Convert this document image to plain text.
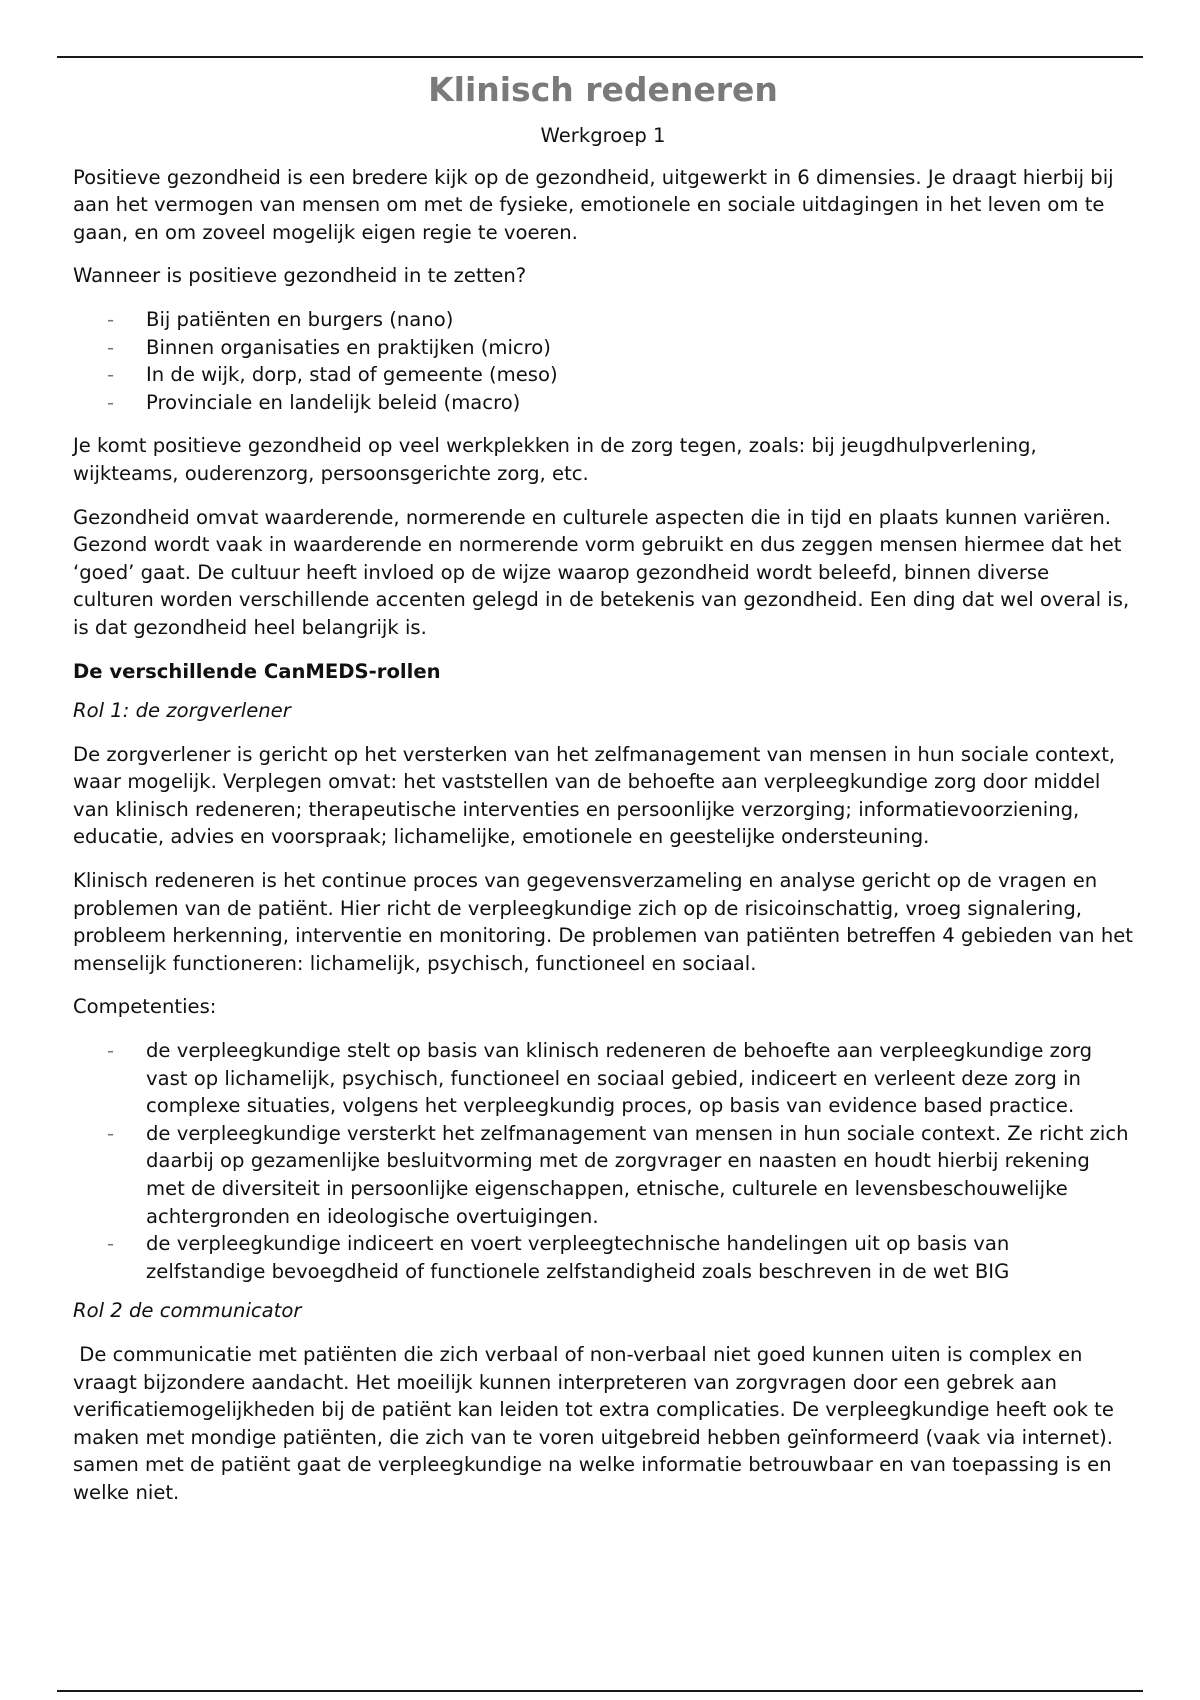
Klinisch redeneren
Werkgroep 1

Positieve gezondheid is een bredere kijk op de gezondheid, uitgewerkt in 6 dimensies. Je draagt hierbij bij aan het vermogen van mensen om met de fysieke, emotionele en sociale uitdagingen in het leven om te gaan, en om zoveel mogelijk eigen regie te voeren.

Wanneer is positieve gezondheid in te zetten?

- Bij patiënten en burgers (nano)
- Binnen organisaties en praktijken (micro)
- In de wijk, dorp, stad of gemeente (meso)
- Provinciale en landelijk beleid (macro)

Je komt positieve gezondheid op veel werkplekken in de zorg tegen, zoals: bij jeugdhulpverlening, wijkteams, ouderenzorg, persoonsgerichte zorg, etc.

Gezondheid omvat waarderende, normerende en culturele aspecten die in tijd en plaats kunnen variëren. Gezond wordt vaak in waarderende en normerende vorm gebruikt en dus zeggen mensen hiermee dat het ‘goed’ gaat. De cultuur heeft invloed op de wijze waarop gezondheid wordt beleefd, binnen diverse culturen worden verschillende accenten gelegd in de betekenis van gezondheid. Een ding dat wel overal is, is dat gezondheid heel belangrijk is.

De verschillende CanMEDS-rollen
Rol 1: de zorgverlener

De zorgverlener is gericht op het versterken van het zelfmanagement van mensen in hun sociale context, waar mogelijk. Verplegen omvat: het vaststellen van de behoefte aan verpleegkundige zorg door middel van klinisch redeneren; therapeutische interventies en persoonlijke verzorging; informatievoorziening, educatie, advies en voorspraak; lichamelijke, emotionele en geestelijke ondersteuning.

Klinisch redeneren is het continue proces van gegevensverzameling en analyse gericht op de vragen en problemen van de patiënt. Hier richt de verpleegkundige zich op de risicoinschattig, vroeg signalering, probleem herkenning, interventie en monitoring. De problemen van patiënten betreffen 4 gebieden van het menselijk functioneren: lichamelijk, psychisch, functioneel en sociaal.

Competenties:

- de verpleegkundige stelt op basis van klinisch redeneren de behoefte aan verpleegkundige zorg vast op lichamelijk, psychisch, functioneel en sociaal gebied, indiceert en verleent deze zorg in complexe situaties, volgens het verpleegkundig proces, op basis van evidence based practice.
- de verpleegkundige versterkt het zelfmanagement van mensen in hun sociale context. Ze richt zich daarbij op gezamenlijke besluitvorming met de zorgvrager en naasten en houdt hierbij rekening met de diversiteit in persoonlijke eigenschappen, etnische, culturele en levensbeschouwelijke achtergronden en ideologische overtuigingen.
- de verpleegkundige indiceert en voert verpleegtechnische handelingen uit op basis van zelfstandige bevoegdheid of functionele zelfstandigheid zoals beschreven in de wet BIG
Rol 2 de communicator

De communicatie met patiënten die zich verbaal of non-verbaal niet goed kunnen uiten is complex en vraagt bijzondere aandacht. Het moeilijk kunnen interpreteren van zorgvragen door een gebrek aan verificatiemogelijkheden bij de patiënt kan leiden tot extra complicaties. De verpleegkundige heeft ook te maken met mondige patiënten, die zich van te voren uitgebreid hebben geïnformeerd (vaak via internet). samen met de patiënt gaat de verpleegkundige na welke informatie betrouwbaar en van toepassing is en welke niet.
